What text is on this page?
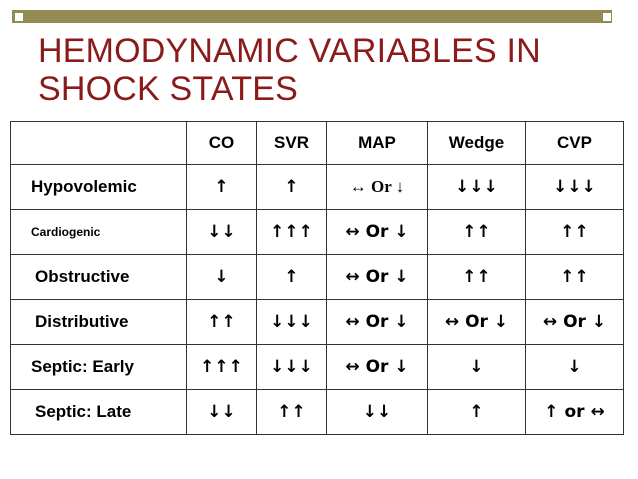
HEMODYNAMIC VARIABLES IN
SHOCK STATES
	CO	SVR	MAP	Wedge	CVP
Hypovolemic	↑	↑	↔ Or ↓	↓↓↓	↓↓↓
Cardiogenic	↓↓	↑↑↑	↔ Or ↓	↑↑	↑↑
Obstructive	↓	↑	↔ Or ↓	↑↑	↑↑
Distributive	↑↑	↓↓↓	↔ Or ↓	↔ Or ↓	↔ Or ↓
Septic: Early	↑↑↑	↓↓↓	↔ Or ↓	↓	↓
Septic: Late	↓↓	↑↑	↓↓	↑	↑ or ↔
